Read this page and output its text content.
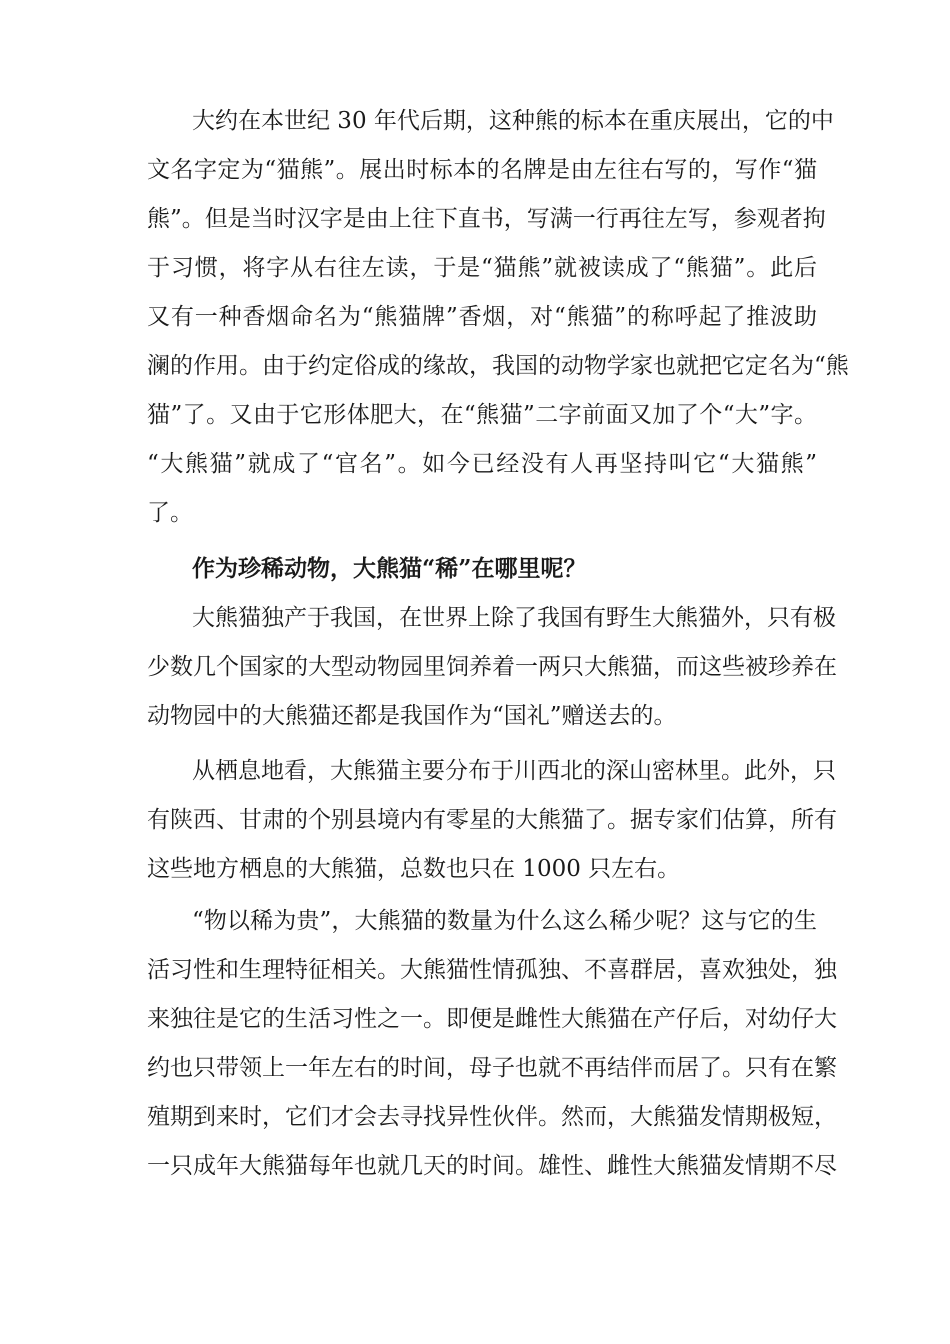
大约在本世纪 30 年代后期，这种熊的标本在重庆展出，它的中
文名字定为“猫熊”。展出时标本的名牌是由左往右写的，写作“猫
熊”。但是当时汉字是由上往下直书，写满一行再往左写，参观者拘
于习惯，将字从右往左读，于是“猫熊”就被读成了“熊猫”。此后
又有一种香烟命名为“熊猫牌”香烟，对“熊猫”的称呼起了推波助
澜的作用。由于约定俗成的缘故，我国的动物学家也就把它定名为“熊
猫”了。又由于它形体肥大，在“熊猫”二字前面又加了个“大”字。
“大熊猫”就成了“官名”。如今已经没有人再坚持叫它“大猫熊”
了。
作为珍稀动物，大熊猫“稀”在哪里呢？
大熊猫独产于我国，在世界上除了我国有野生大熊猫外，只有极
少数几个国家的大型动物园里饲养着一两只大熊猫，而这些被珍养在
动物园中的大熊猫还都是我国作为“国礼”赠送去的。
从栖息地看，大熊猫主要分布于川西北的深山密林里。此外，只
有陕西、甘肃的个别县境内有零星的大熊猫了。据专家们估算，所有
这些地方栖息的大熊猫，总数也只在 1000 只左右。
“物以稀为贵”，大熊猫的数量为什么这么稀少呢？这与它的生
活习性和生理特征相关。大熊猫性情孤独、不喜群居，喜欢独处，独
来独往是它的生活习性之一。即便是雌性大熊猫在产仔后，对幼仔大
约也只带领上一年左右的时间，母子也就不再结伴而居了。只有在繁
殖期到来时，它们才会去寻找异性伙伴。然而，大熊猫发情期极短，
一只成年大熊猫每年也就几天的时间。雄性、雌性大熊猫发情期不尽
